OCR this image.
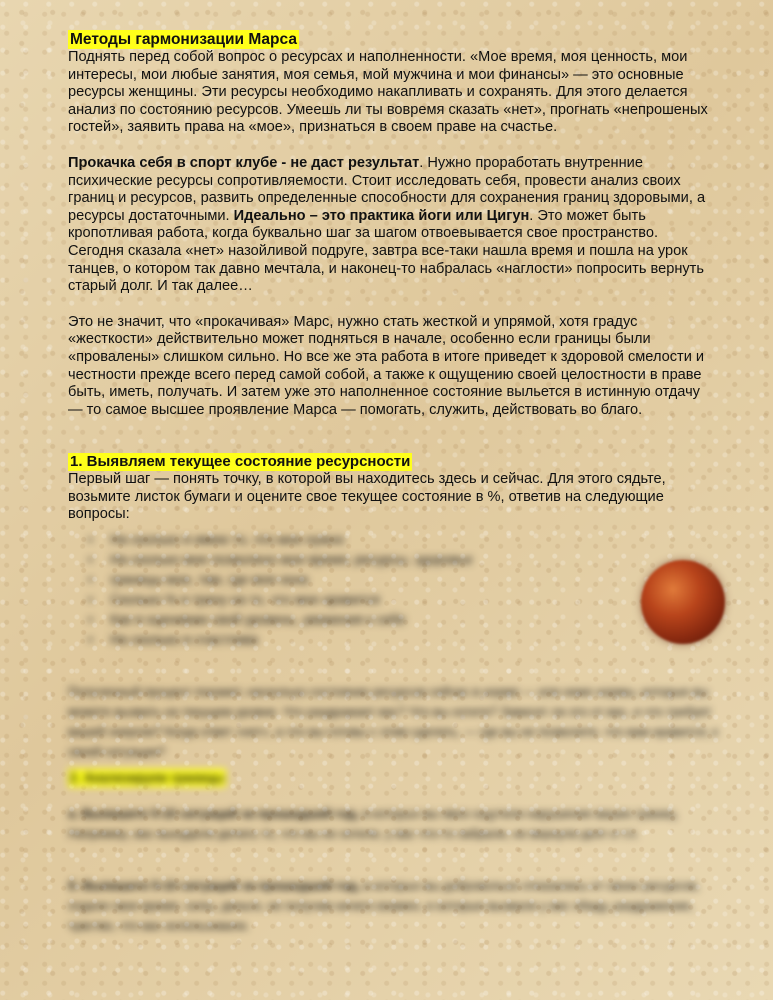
Методы гармонизации Марса

Поднять перед собой вопрос о ресурсах и наполненности. «Мое время, моя ценность, мои интересы, мои любые занятия, моя семья, мой мужчина и мои финансы» — это основные ресурсы женщины. Эти ресурсы необходимо накапливать и сохранять. Для этого делается анализ по состоянию ресурсов. Умеешь ли ты вовремя сказать «нет», прогнать «непрошеных гостей», заявить права на «мое», признаться в своем праве на счастье.

Прокачка себя в спорт клубе - не даст результат. Нужно проработать внутренние психические ресурсы сопротивляемости. Стоит исследовать себя, провести анализ своих границ и ресурсов, развить определенные способности для сохранения границ здоровыми, а ресурсы достаточными. Идеально – это практика йоги или Цигун. Это может быть кропотливая работа, когда буквально шаг за шагом отвоевывается свое пространство. Сегодня сказала «нет» назойливой подруге, завтра все-таки нашла время и пошла на урок танцев, о котором так давно мечтала, и наконец-то набралась «наглости» попросить вернуть старый долг. И так далее…

Это не значит, что «прокачивая» Марс, нужно стать жесткой и упрямой, хотя градус «жесткости» действительно может подняться в начале, особенно если границы были «провалены» слишком сильно. Но все же эта работа в итоге приведет к здоровой смелости и честности прежде всего перед самой собой, а также к ощущению своей целостности в праве быть, иметь, получать. И затем уже это наполненное состояние выльется в истинную отдачу — то самое высшее проявление Марса — помогать, служить, действовать во благо.

1. Выявляем текущее состояние ресурсности

Первый шаг — понять точку, в которой вы находитесь здесь и сейчас. Для этого сядьте, возьмите листок бумаги и оцените свое текущее состояние в %, ответив на следующие вопросы:

• На сколько я имею то, что мне нужно
• На сколько мне позволено мое время, ресурсы, здоровье
• границы мои, там, где моя зона
• Сколько % я трачу на то, что мне нравится
• Как я оцениваю свой уровень, уважения к себе
• На сколько я счастлива
Полученный процент покажет, насколько состояние ресурсов сейчас в норме — или ниже нормы, которые вы можете вызвать на текущем уровне. Что раздражает вас? Что вы хотите? Зависит ли это от вас, и что требует вашей энергии? Когда ответ «нет», а что вы готовы с этим сделать, — где вы не позволите, что вам нравится, к своей ситуации?
2. Анализируем границы
а. Выпишите 5-10 ситуаций за прошедший год, в которых вы явно ощутили нарушение ваших границ. Например, вас вынудили делать то, что вы не хотели, у вас что-то забрали, не вернули долг и т.п.
б. Выпишите 5-10 ситуаций за прошедший год, в которых вы добровольно отказались от своих ресурсов, отдали свое время, силы, деньги, не получив ничего взамен, и которые вызвали у вас обиду, раздражение, чувство, что вас использовали.
